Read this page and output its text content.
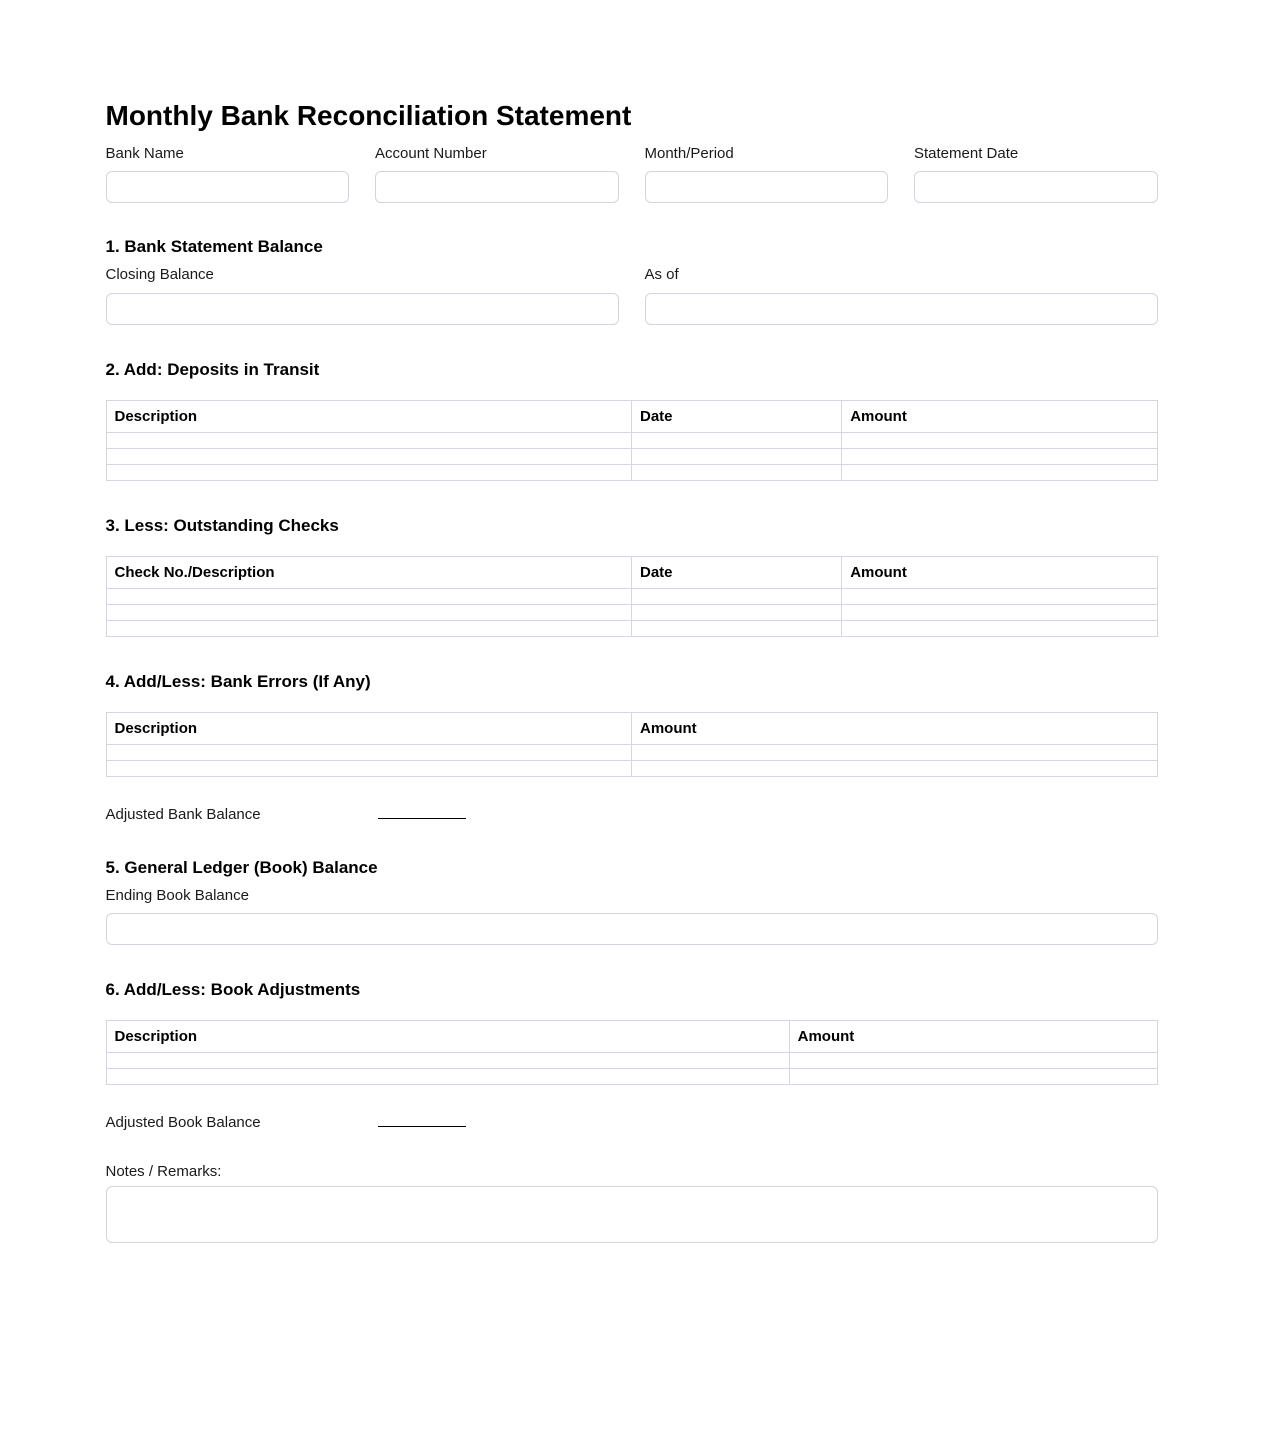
Monthly Bank Reconciliation Statement
Bank Name	Account Number	Month/Period	Statement Date
1. Bank Statement Balance
Closing Balance	As of
2. Add: Deposits in Transit
Description	Date	Amount

3. Less: Outstanding Checks
Check No./Description	Date	Amount

4. Add/Less: Bank Errors (If Any)
Description	Amount

Adjusted Bank Balance
5. General Ledger (Book) Balance
Ending Book Balance
6. Add/Less: Book Adjustments
Description	Amount

Adjusted Book Balance
Notes / Remarks:
